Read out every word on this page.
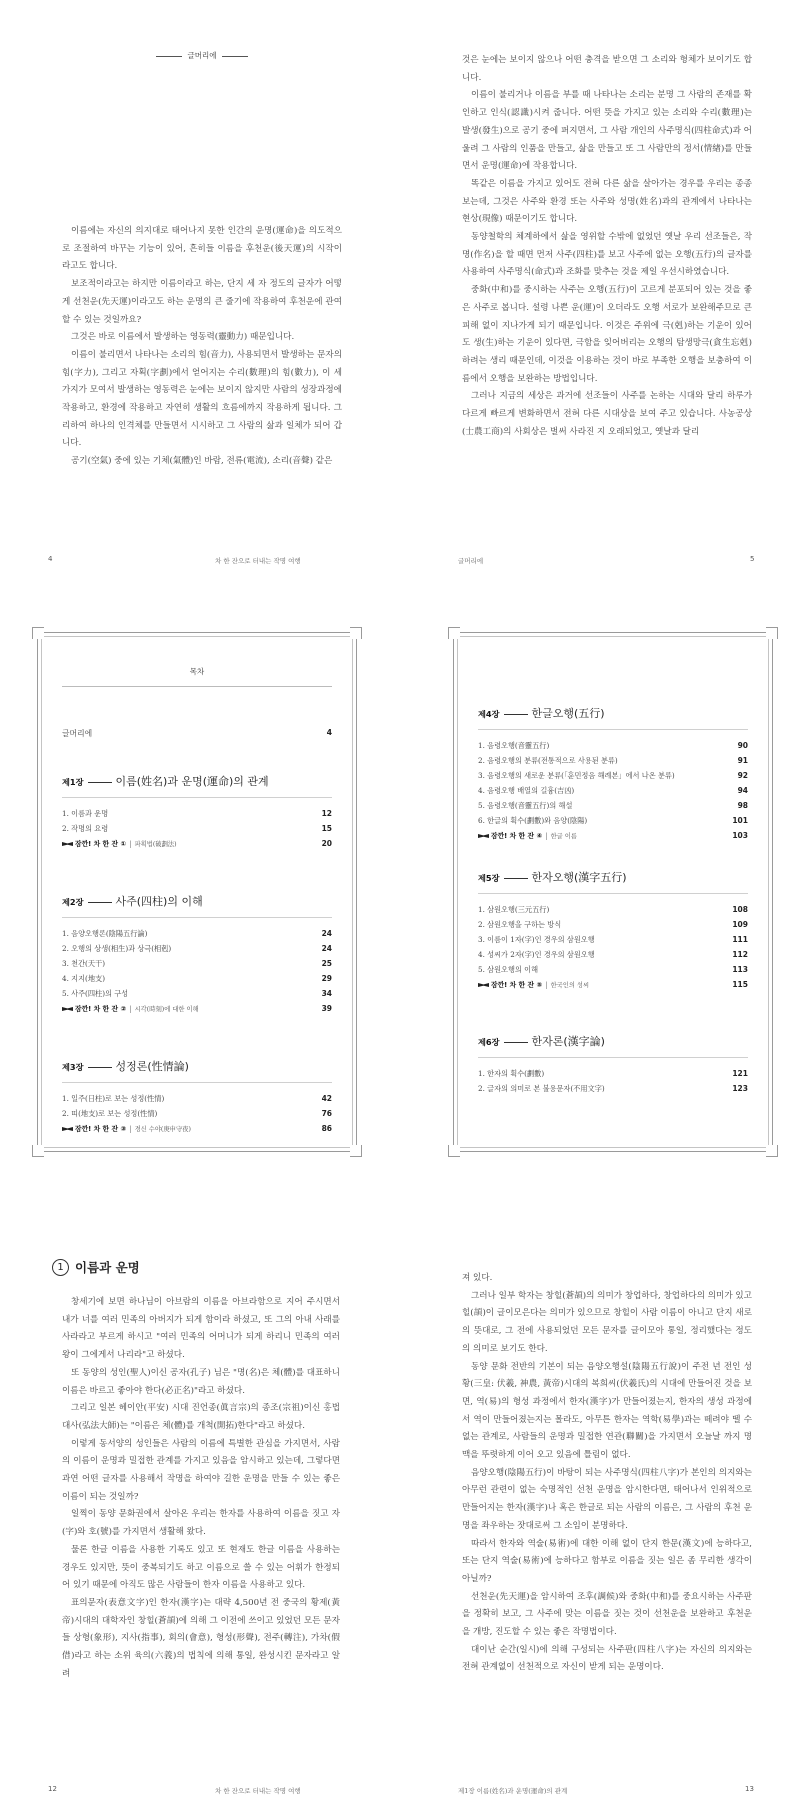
글머리에

이름에는 자신의 의지대로 태어나지 못한 인간의 운명(運命)을 의도적으로 조절하여 바꾸는 기능이 있어, 흔히들 이름을 후천운(後天運)의 시작이라고도 합니다.

보조적이라고는 하지만 이름이라고 하는, 단지 세 자 정도의 글자가 어떻게 선천운(先天運)이라고도 하는 운명의 큰 줄기에 작용하여 후천운에 관여할 수 있는 것일까요?

그것은 바로 이름에서 발생하는 영동력(靈動力) 때문입니다.

이름이 불리면서 나타나는 소리의 힘(音力), 사용되면서 발생하는 문자의 힘(字力), 그리고 자획(字劃)에서 얻어지는 수리(數理)의 힘(數力), 이 세 가지가 모여서 발생하는 영동력은 눈에는 보이지 않지만 사람의 성장과정에 작용하고, 환경에 작용하고 자연히 생활의 흐름에까지 작용하게 됩니다. 그리하여 하나의 인격체를 만들면서 시시하고 그 사람의 삶과 일체가 되어 갑니다.

공기(空氣) 중에 있는 기체(氣體)인 바람, 전류(電流), 소리(音聲) 같은

4	차 한 잔으로 터내는 작명 여행

것은 눈에는 보이지 않으나 어떤 충격을 받으면 그 소리와 형체가 보이기도 합니다.

이름이 불리거나 이름을 부를 때 나타나는 소리는 분명 그 사람의 존재를 확인하고 인식(認識)시켜 줍니다. 어떤 뜻을 가지고 있는 소리와 수리(數理)는 발생(發生)으로 공기 중에 퍼지면서, 그 사람 개인의 사주명식(四柱命式)과 어울려 그 사람의 인품을 만들고, 삶을 만들고 또 그 사람만의 정서(情緖)를 만들면서 운명(運命)에 작용합니다.

똑같은 이름을 가지고 있어도 전혀 다른 삶을 살아가는 경우를 우리는 종종 보는데, 그것은 사주와 환경 또는 사주와 성명(姓名)과의 관계에서 나타나는 현상(現像) 때문이기도 합니다.

동양철학의 체계하에서 삶을 영위할 수밖에 없었던 옛날 우리 선조들은, 작명(作名)을 할 때면 먼저 사주(四柱)를 보고 사주에 없는 오행(五行)의 글자를 사용하여 사주명식(命式)과 조화를 맞추는 것을 제일 우선시하였습니다.

중화(中和)를 중시하는 사주는 오행(五行)이 고르게 분포되어 있는 것을 좋은 사주로 봅니다. 설령 나쁜 운(運)이 오더라도 오행 서로가 보완해주므로 큰 피해 없이 지나가게 되기 때문입니다. 이것은 주위에 극(剋)하는 기운이 있어도 생(生)하는 기운이 있다면, 극함을 잊어버리는 오행의 탐생망극(貪生忘剋) 하려는 생리 때문인데, 이것을 이용하는 것이 바로 부족한 오행을 보충하여 이름에서 오행을 보완하는 방법입니다.

그러나 지금의 세상은 과거에 선조들이 사주를 논하는 시대와 달리 하루가 다르게 빠르게 변화하면서 전혀 다른 시대상을 보여 주고 있습니다. 사농공상(士農工商)의 사회상은 벌써 사라진 지 오래되었고, 옛날과 달리

글머리에	5
목차
글머리에	4
제1장	이름(姓名)과 운명(運命)의 관계
1. 이름과 운명	12
2. 작명의 요령	15
잠깐! 차 한 잔 ① | 파획법(破劃法)	20
제2장	사주(四柱)의 이해
1. 음양오행론(陰陽五行論)	24
2. 오행의 상생(相生)과 상극(相剋)	24
3. 천간(天干)	25
4. 지지(地支)	29
5. 사주(四柱)의 구성	34
잠깐! 차 한 잔 ② | 시각(時刻)에 대한 이해	39
제3장	성정론(性情論)
1. 일주(日柱)로 보는 성정(性情)	42
2. 띠(地支)로 보는 성정(性情)	76
잠깐! 차 한 잔 ③ | 경신 수야(庚申守夜)	86
제4장	한글오행(五行)
1. 음령오행(音靈五行)	90
2. 음령오행의 분류(전통적으로 사용된 분류)	91
3. 음령오행의 새로운 분류(「훈민정음 해례본」에서 나온 분류)	92
4. 음령오행 배열의 길흉(吉凶)	94
5. 음령오행(音靈五行)의 해설	98
6. 한글의 획수(劃數)와 음양(陰陽)	101
잠깐! 차 한 잔 ④ | 한글 이름	103
제5장	한자오행(漢字五行)
1. 삼원오행(三元五行)	108
2. 삼원오행을 구하는 방식	109
3. 이름이 1자(字)인 경우의 삼원오행	111
4. 성씨가 2자(字)인 경우의 삼원오행	112
5. 삼원오행의 이해	113
잠깐! 차 한 잔 ⑤ | 한국인의 성씨	115
제6장	한자론(漢字論)
1. 한자의 획수(劃數)	121
2. 글자의 의미로 본 불용문자(不用文字)	123
1 이름과 운명

창세기에 보면 하나님이 아브람의 이름을 아브라함으로 지어 주시면서 내가 너를 여러 민족의 아버지가 되게 함이라 하셨고, 또 그의 아내 사래를 사라라고 부르게 하시고 "여러 민족의 어머니가 되게 하리니 민족의 여러 왕이 그에게서 나리라"고 하셨다.

또 동양의 성인(聖人)이신 공자(孔子) 님은 "명(名)은 체(體)를 대표하니 이름은 바르고 좋아야 한다(必正名)"라고 하셨다.

그리고 일본 헤이안(平安) 시대 진언종(眞言宗)의 종조(宗祖)이신 홍법대사(弘法大師)는 "이름은 체(體)를 개척(開拓)한다"라고 하셨다.

이렇게 동서양의 성인들은 사람의 이름에 특별한 관심을 가지면서, 사람의 이름이 운명과 밀접한 관계를 가지고 있음을 암시하고 있는데, 그렇다면 과연 어떤 글자를 사용해서 작명을 하여야 길한 운명을 만들 수 있는 좋은 이름이 되는 것일까?

일찍이 동양 문화권에서 살아온 우리는 한자를 사용하여 이름을 짓고 자(字)와 호(號)를 가지면서 생활해 왔다.

물론 한글 이름을 사용한 기록도 있고 또 현재도 한글 이름을 사용하는 경우도 있지만, 뜻이 중복되기도 하고 이름으로 쓸 수 있는 어휘가 한정되어 있기 때문에 아직도 많은 사람들이 한자 이름을 사용하고 있다.

표의문자(表意文字)인 한자(漢字)는 대략 4,500년 전 중국의 황제(黃帝)시대의 대학자인 창힐(蒼頡)에 의해 그 이전에 쓰이고 있었던 모든 문자들 상형(象形), 지사(指事), 회의(會意), 형성(形聲), 전주(轉注), 가차(假借)라고 하는 소위 육의(六義)의 법칙에 의해 통일, 완성시킨 문자라고 알려

12	차 한 잔으로 터내는 작명 여행

져 있다.

그러나 일부 학자는 창힐(蒼頡)의 의미가 창업하다, 창업하다의 의미가 있고 힐(頡)이 글이모은다는 의미가 있으므로 창힐이 사람 이름이 아니고 단지 새로의 뜻대로, 그 전에 사용되었던 모든 문자를 글이모아 통일, 정리했다는 정도의 의미로 보기도 한다.

동양 문화 전반의 기본이 되는 음양오행설(陰陽五行說)이 주전 년 전인 성황(三皇: 伏羲, 神農, 黃帝)시대의 복희씨(伏羲氏)의 시대에 만들어진 것을 보면, 역(易)의 형성 과정에서 한자(漢字)가 만들어졌는지, 한자의 생성 과정에서 역이 만들어졌는지는 몰라도, 아무튼 한자는 역학(易學)과는 떼려야 뗄 수 없는 관계로, 사람들의 운명과 밀접한 연관(聯關)을 가지면서 오늘날 까지 명맥을 뚜렷하게 이어 오고 있음에 틀림이 없다.

음양오행(陰陽五行)이 바탕이 되는 사주명식(四柱八字)가 본인의 의지와는 아무런 관련이 없는 숙명적인 선천 운명을 암시한다면, 태어나서 인위적으로 만들어지는 한자(漢字)나 혹은 한글로 되는 사람의 이름은, 그 사람의 후천 운명을 좌우하는 잣대로써 그 소임이 분명하다.

따라서 한자와 역술(易術)에 대한 이해 없이 단지 한문(漢文)에 능하다고, 또는 단지 역술(易術)에 능하다고 함부로 이름을 짓는 일은 좀 무리한 생각이 아닐까?

선천운(先天運)을 암시하여 조후(調候)와 중화(中和)를 중요시하는 사주판을 정확히 보고, 그 사주에 맞는 이름을 짓는 것이 선천운을 보완하고 후천운을 개방, 진도할 수 있는 좋은 작명법이다.

대이난 순간(일시)에 의해 구성되는 사주판(四柱八字)는 자신의 의지와는 전혀 관계없이 선천적으로 자신이 받게 되는 운명이다.

제1장 이름(姓名)과 운명(運命)의 관계	13
